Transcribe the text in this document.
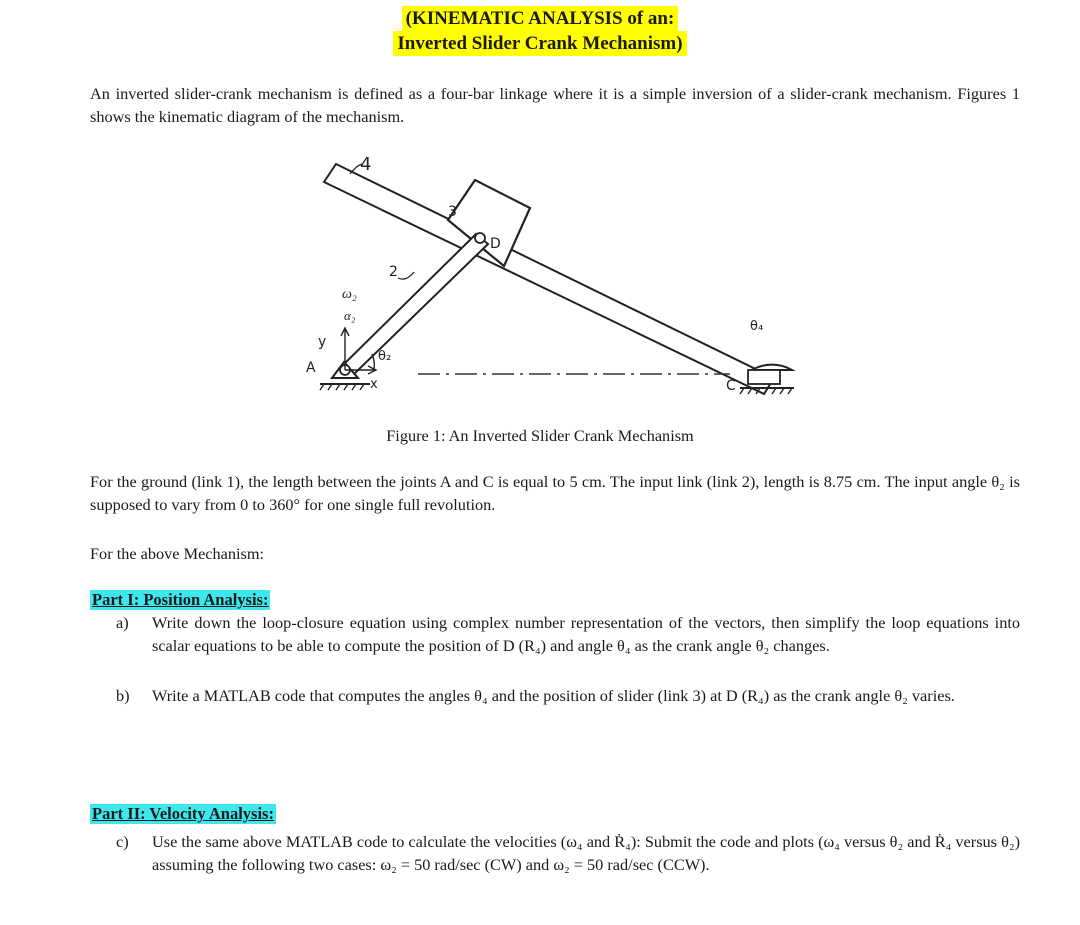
(KINEMATIC ANALYSIS of an:
Inverted Slider Crank Mechanism)

An inverted slider-crank mechanism is defined as a four-bar linkage where it is a simple inversion of a slider-crank mechanism. Figures 1 shows the kinematic diagram of the mechanism.

4
3
D
2
ω₂
α₂
y
A
x
θ₂
θ₄
C
Figure 1: An Inverted Slider Crank Mechanism

For the ground (link 1), the length between the joints A and C is equal to 5 cm. The input link (link 2), length is 8.75 cm. The input angle θ₂ is supposed to vary from 0 to 360° for one single full revolution.

For the above Mechanism:

Part I: Position Analysis:
a) Write down the loop-closure equation using complex number representation of the vectors, then simplify the loop equations into scalar equations to be able to compute the position of D (R₄) and angle θ₄ as the crank angle θ₂ changes.
b) Write a MATLAB code that computes the angles θ₄ and the position of slider (link 3) at D (R₄) as the crank angle θ₂ varies.
Part II: Velocity Analysis:
c) Use the same above MATLAB code to calculate the velocities (ω₄ and Ṙ₄): Submit the code and plots (ω₄ versus θ₂ and Ṙ₄ versus θ₂) assuming the following two cases: ω₂ = 50 rad/sec (CW) and ω₂ = 50 rad/sec (CCW).
